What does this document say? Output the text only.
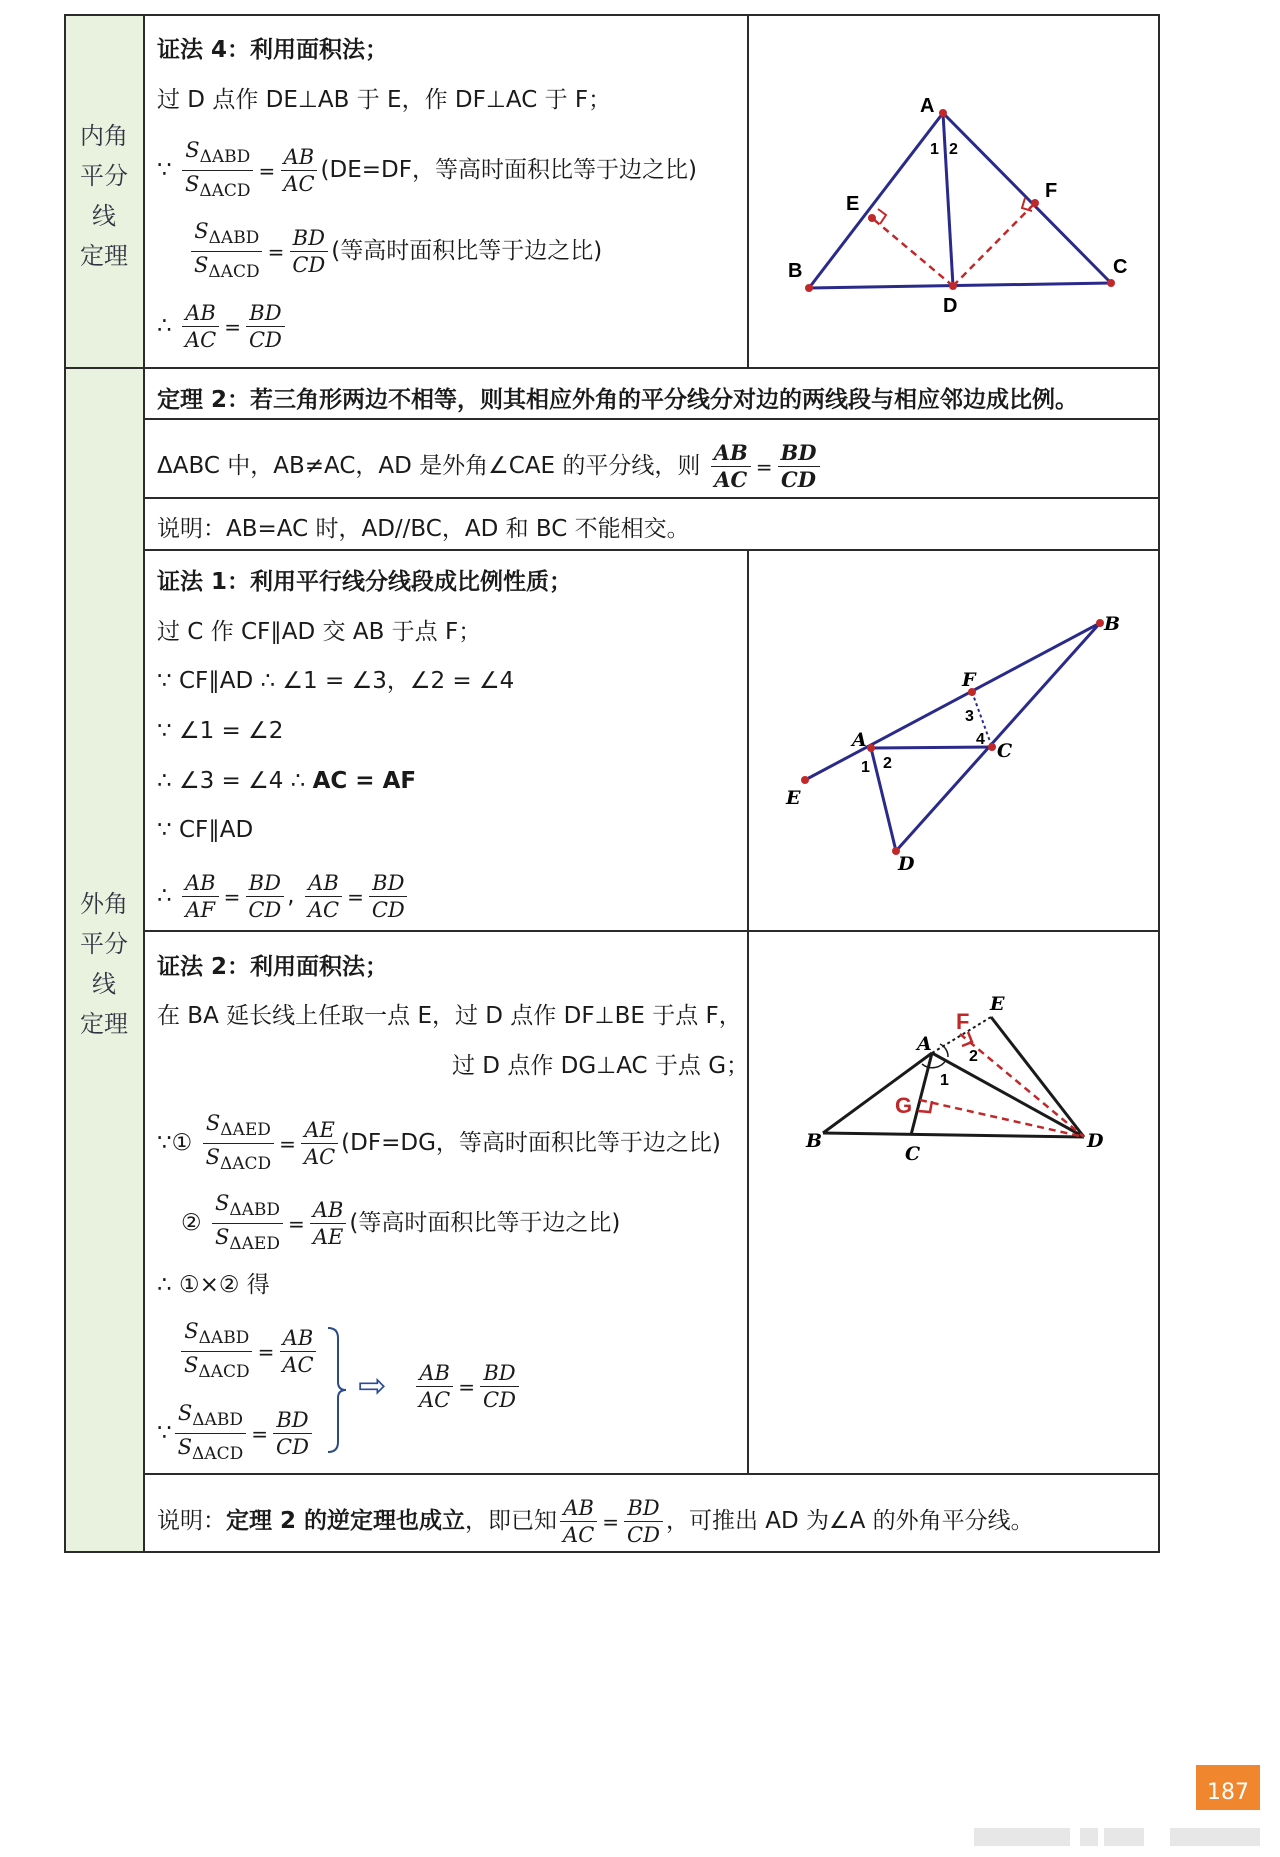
内角
平分
线
定理
外角
平分
线
定理
证法 4：利用面积法；
过 D 点作 DE⊥AB 于 E，作 DF⊥AC 于 F；
∵ $\frac{S_{\Delta ABD}}{S_{\Delta ACD}} = \frac{AB}{AC} (DE=DF$，等高时面积比等于边之比)
$\frac{S_{\Delta ABD}}{S_{\Delta ACD}} = \frac{BD}{CD}$ (等高时面积比等于边之比)
∴ $\frac{AB}{AC} = \frac{BD}{CD}$
A
B	C
D
E
F
1 2
定理 2：若三角形两边不相等，则其相应外角的平分线分对边的两线段与相应邻边成比例。
ΔABC 中，AB≠AC，AD 是外角∠CAE 的平分线，则 $\frac{AB}{AC} = \frac{BD}{CD}$
说明：AB=AC 时，AD//BC，AD 和 BC 不能相交。
证法 1：利用平行线分线段成比例性质；
过 C 作 CF∥AD 交 AB 于点 F；
∵ CF∥AD ∴ ∠1 = ∠3，∠2 = ∠4
∵ ∠1 = ∠2
∴ ∠3 = ∠4 ∴ AC = AF
∵ CF∥AD
∴ $\frac{AB}{AF} = \frac{BD}{CD}$ , $\frac{AB}{AC} = \frac{BD}{CD}$
A
B
C
D
E
F
1 2
3
4
证法 2：利用面积法；
在 BA 延长线上任取一点 E，过 D 点作 DF⊥BE 于点 F，
过 D 点作 DG⊥AC 于点 G；
∵① $\frac{S_{\Delta AED}}{S_{\Delta ACD}} = \frac{AE}{AC} (DF=DG$，等高时面积比等于边之比)
② $\frac{S_{\Delta ABD}}{S_{\Delta AED}} = \frac{AB}{AE}$ (等高时面积比等于边之比)
∴ ①×② 得
$\frac{S_{\Delta ABD}}{S_{\Delta ACD}} = \frac{AB}{AC}$
∵ $\frac{S_{\Delta ABD}}{S_{\Delta ACD}} = \frac{BD}{CD}$
⇨ $\frac{AB}{AC} = \frac{BD}{CD}$
A
B
C
D
E
F
G
1
2
说明：定理 2 的逆定理也成立，即已知 $\frac{AB}{AC} = \frac{BD}{CD}$ ，可推出 AD 为∠A 的外角平分线。
187
